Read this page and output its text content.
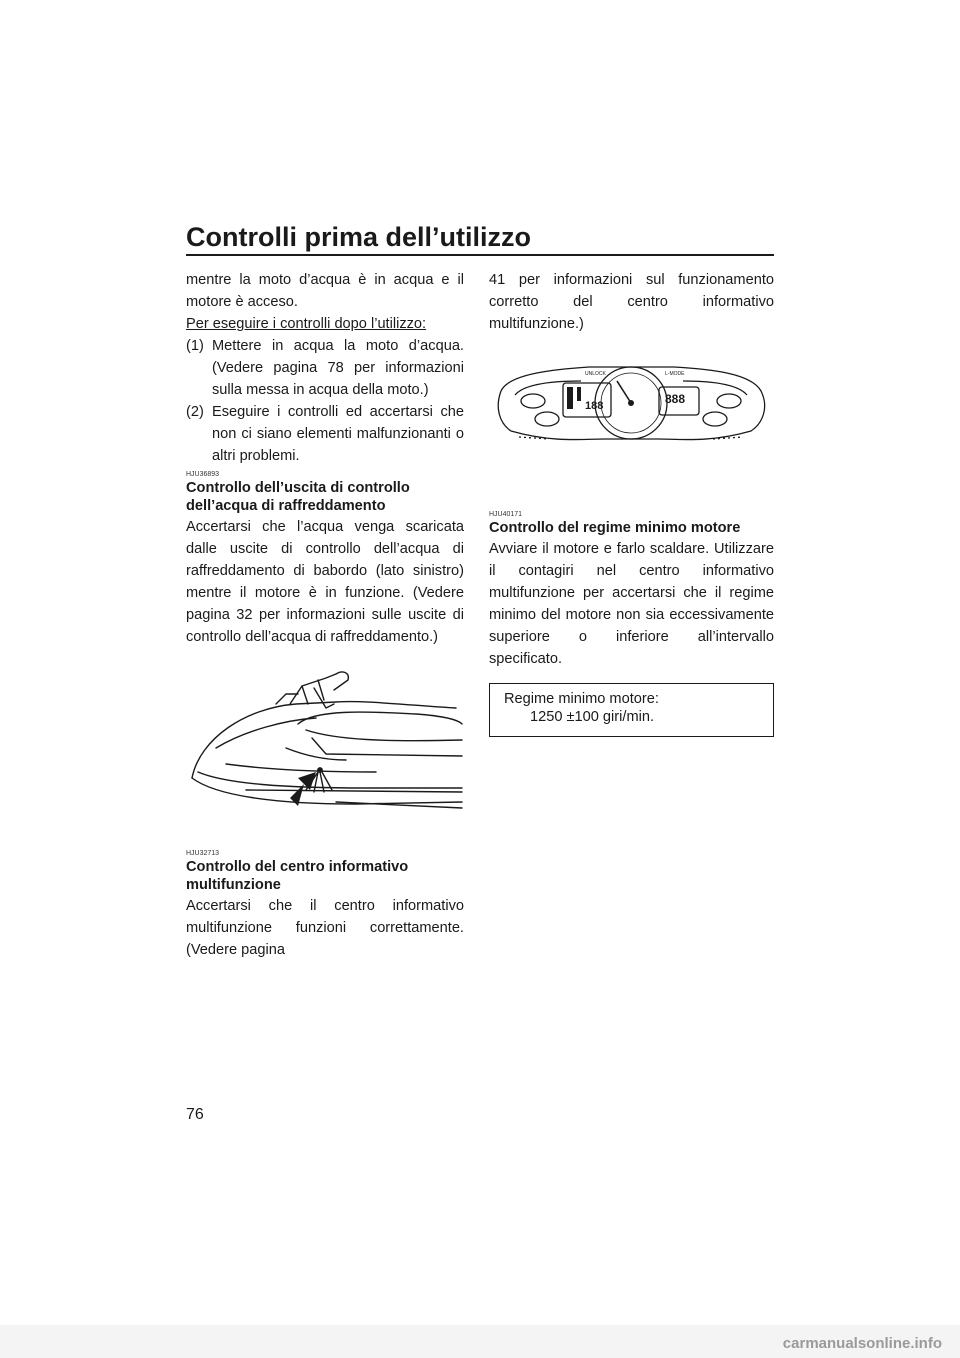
Controlli prima dell’utilizzo

mentre la moto d’acqua è in acqua e il motore è acceso.

Per eseguire i controlli dopo l’utilizzo:

(1) Mettere in acqua la moto d’acqua. (Vedere pagina 78 per informazioni sulla messa in acqua della moto.)
(2) Eseguire i controlli ed accertarsi che non ci siano elementi malfunzionanti o altri problemi.
HJU36893
Controllo dell’uscita di controllo dell’acqua di raffreddamento

Accertarsi che l’acqua venga scaricata dalle uscite di controllo dell’acqua di raffreddamento di babordo (lato sinistro) mentre il motore è in funzione. (Vedere pagina 32 per informazioni sulle uscite di controllo dell’acqua di raffreddamento.)

HJU32713
Controllo del centro informativo multifunzione

Accertarsi che il centro informativo multifunzione funzioni correttamente. (Vedere pagina

41 per informazioni sul funzionamento corretto del centro informativo multifunzione.)

UNLOCK	L-MODE
188	888
HJU40171
Controllo del regime minimo motore

Avviare il motore e farlo scaldare. Utilizzare il contagiri nel centro informativo multifunzione per accertarsi che il regime minimo del motore non sia eccessivamente superiore o inferiore all’intervallo specificato.

Regime minimo motore:
1250 ±100 giri/min.
76
carmanualsonline.info
